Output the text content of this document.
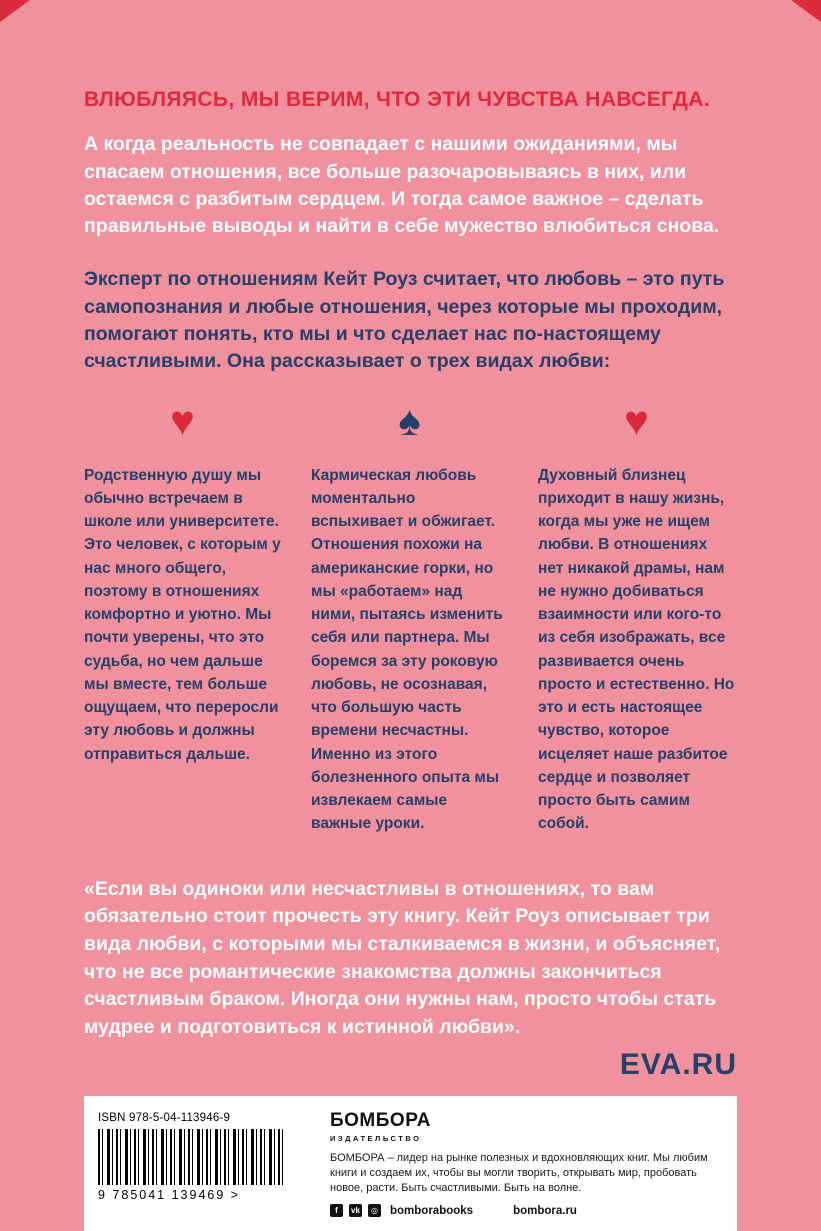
ВЛЮБЛЯЯСЬ, МЫ ВЕРИМ, ЧТО ЭТИ ЧУВСТВА НАВСЕГДА.
А когда реальность не совпадает с нашими ожиданиями, мы спасаем отношения, все больше разочаровываясь в них, или остаемся с разбитым сердцем. И тогда самое важное – сделать правильные выводы и найти в себе мужество влюбиться снова.
Эксперт по отношениям Кейт Роуз считает, что любовь – это путь самопознания и любые отношения, через которые мы проходим, помогают понять, кто мы и что сделает нас по-настоящему счастливыми. Она рассказывает о трех видах любви:
♥
Родственную душу мы обычно встречаем в школе или университете. Это человек, с которым у нас много общего, поэтому в отношениях комфортно и уютно. Мы почти уверены, что это судьба, но чем дальше мы вместе, тем больше ощущаем, что переросли эту любовь и должны отправиться дальше.
♠
Кармическая любовь моментально вспыхивает и обжигает. Отношения похожи на американские горки, но мы «работаем» над ними, пытаясь изменить себя или партнера. Мы боремся за эту роковую любовь, не осознавая, что большую часть времени несчастны. Именно из этого болезненного опыта мы извлекаем самые важные уроки.
♥
Духовный близнец приходит в нашу жизнь, когда мы уже не ищем любви. В отношениях нет никакой драмы, нам не нужно добиваться взаимности или кого-то из себя изображать, все развивается очень просто и естественно. Но это и есть настоящее чувство, которое исцеляет наше разбитое сердце и позволяет просто быть самим собой.
«Если вы одиноки или несчастливы в отношениях, то вам обязательно стоит прочесть эту книгу. Кейт Роуз описывает три вида любви, с которыми мы сталкиваемся в жизни, и объясняет, что не все романтические знакомства должны закончиться счастливым браком. Иногда они нужны нам, просто чтобы стать мудрее и подготовиться к истинной любви».
EVA.RU
ISBN 978-5-04-113946-9
9 785041 139469 >
БОМБОРА
ИЗДАТЕЛЬСТВО
БОМБОРА – лидер на рынке полезных и вдохновляющих книг. Мы любим книги и создаем их, чтобы вы могли творить, открывать мир, пробовать новое, расти. Быть счастливыми. Быть на волне.
f	vk	◎ bomborabooks	bombora.ru
